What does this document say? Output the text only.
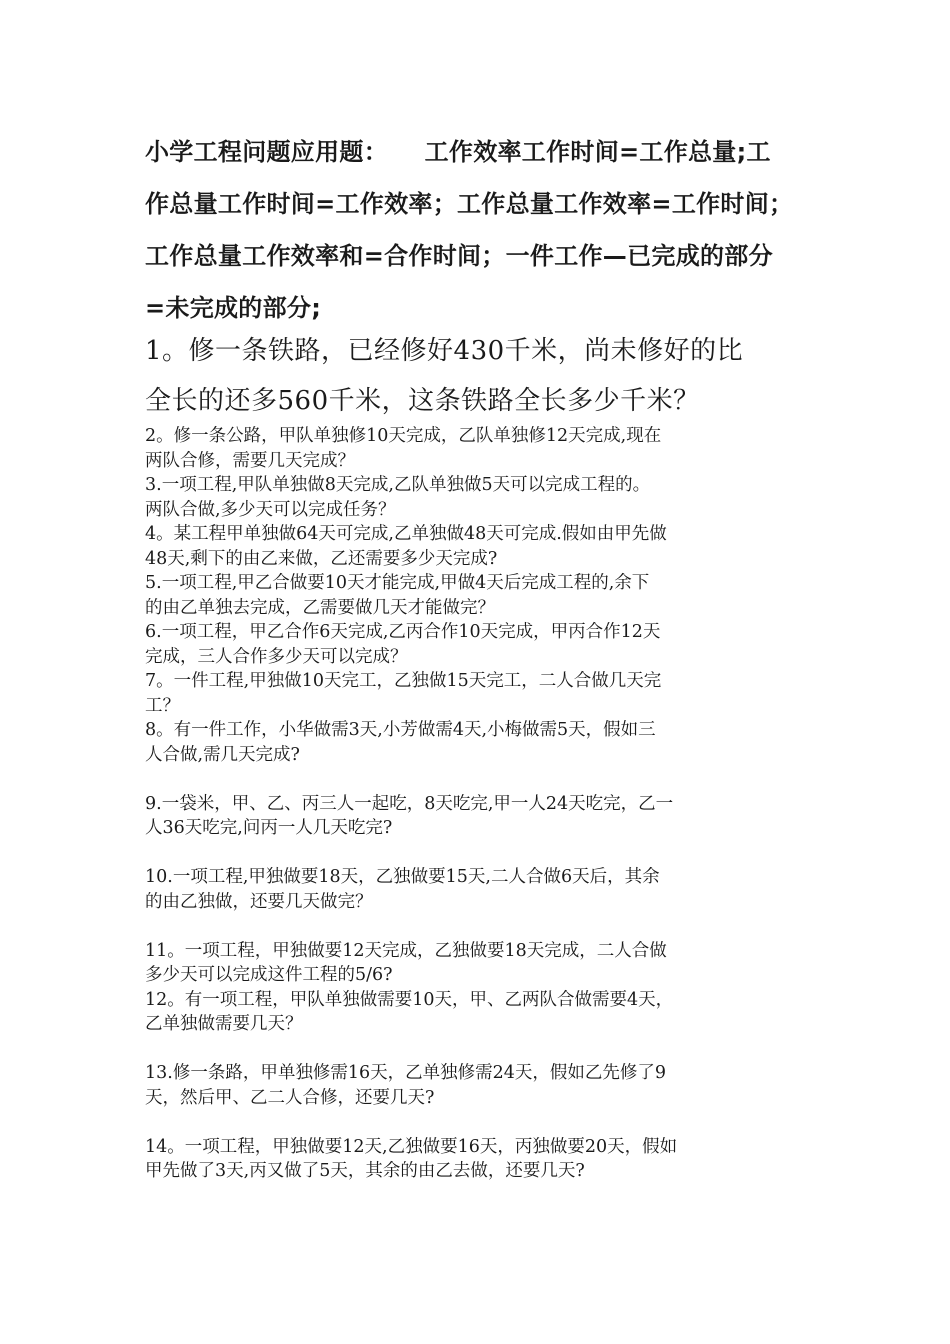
小学工程问题应用题：　　工作效率工作时间=工作总量;工
作总量工作时间=工作效率；工作总量工作效率=工作时间；
工作总量工作效率和=合作时间；一件工作—已完成的部分
=未完成的部分;
1。修一条铁路，已经修好430千米，尚未修好的比
全长的还多560千米，这条铁路全长多少千米？
2。修一条公路，甲队单独修10天完成，乙队单独修12天完成,现在
两队合修，需要几天完成？
3.一项工程,甲队单独做8天完成,乙队单独做5天可以完成工程的。
两队合做,多少天可以完成任务？
4。某工程甲单独做64天可完成,乙单独做48天可完成.假如由甲先做
48天,剩下的由乙来做，乙还需要多少天完成?
5.一项工程,甲乙合做要10天才能完成,甲做4天后完成工程的,余下
的由乙单独去完成，乙需要做几天才能做完？
6.一项工程，甲乙合作6天完成,乙丙合作10天完成，甲丙合作12天
完成，三人合作多少天可以完成？
7。一件工程,甲独做10天完工，乙独做15天完工，二人合做几天完
工？
8。有一件工作，小华做需3天,小芳做需4天,小梅做需5天，假如三
人合做,需几天完成?
9.一袋米，甲、乙、丙三人一起吃，8天吃完,甲一人24天吃完，乙一
人36天吃完,问丙一人几天吃完?
10.一项工程,甲独做要18天，乙独做要15天,二人合做6天后，其余
的由乙独做，还要几天做完？
11。一项工程，甲独做要12天完成，乙独做要18天完成，二人合做
多少天可以完成这件工程的5/6?
12。有一项工程，甲队单独做需要10天，甲、乙两队合做需要4天，
乙单独做需要几天？
13.修一条路，甲单独修需16天，乙单独修需24天，假如乙先修了9
天，然后甲、乙二人合修，还要几天?
14。一项工程，甲独做要12天,乙独做要16天，丙独做要20天，假如
甲先做了3天,丙又做了5天，其余的由乙去做，还要几天?
